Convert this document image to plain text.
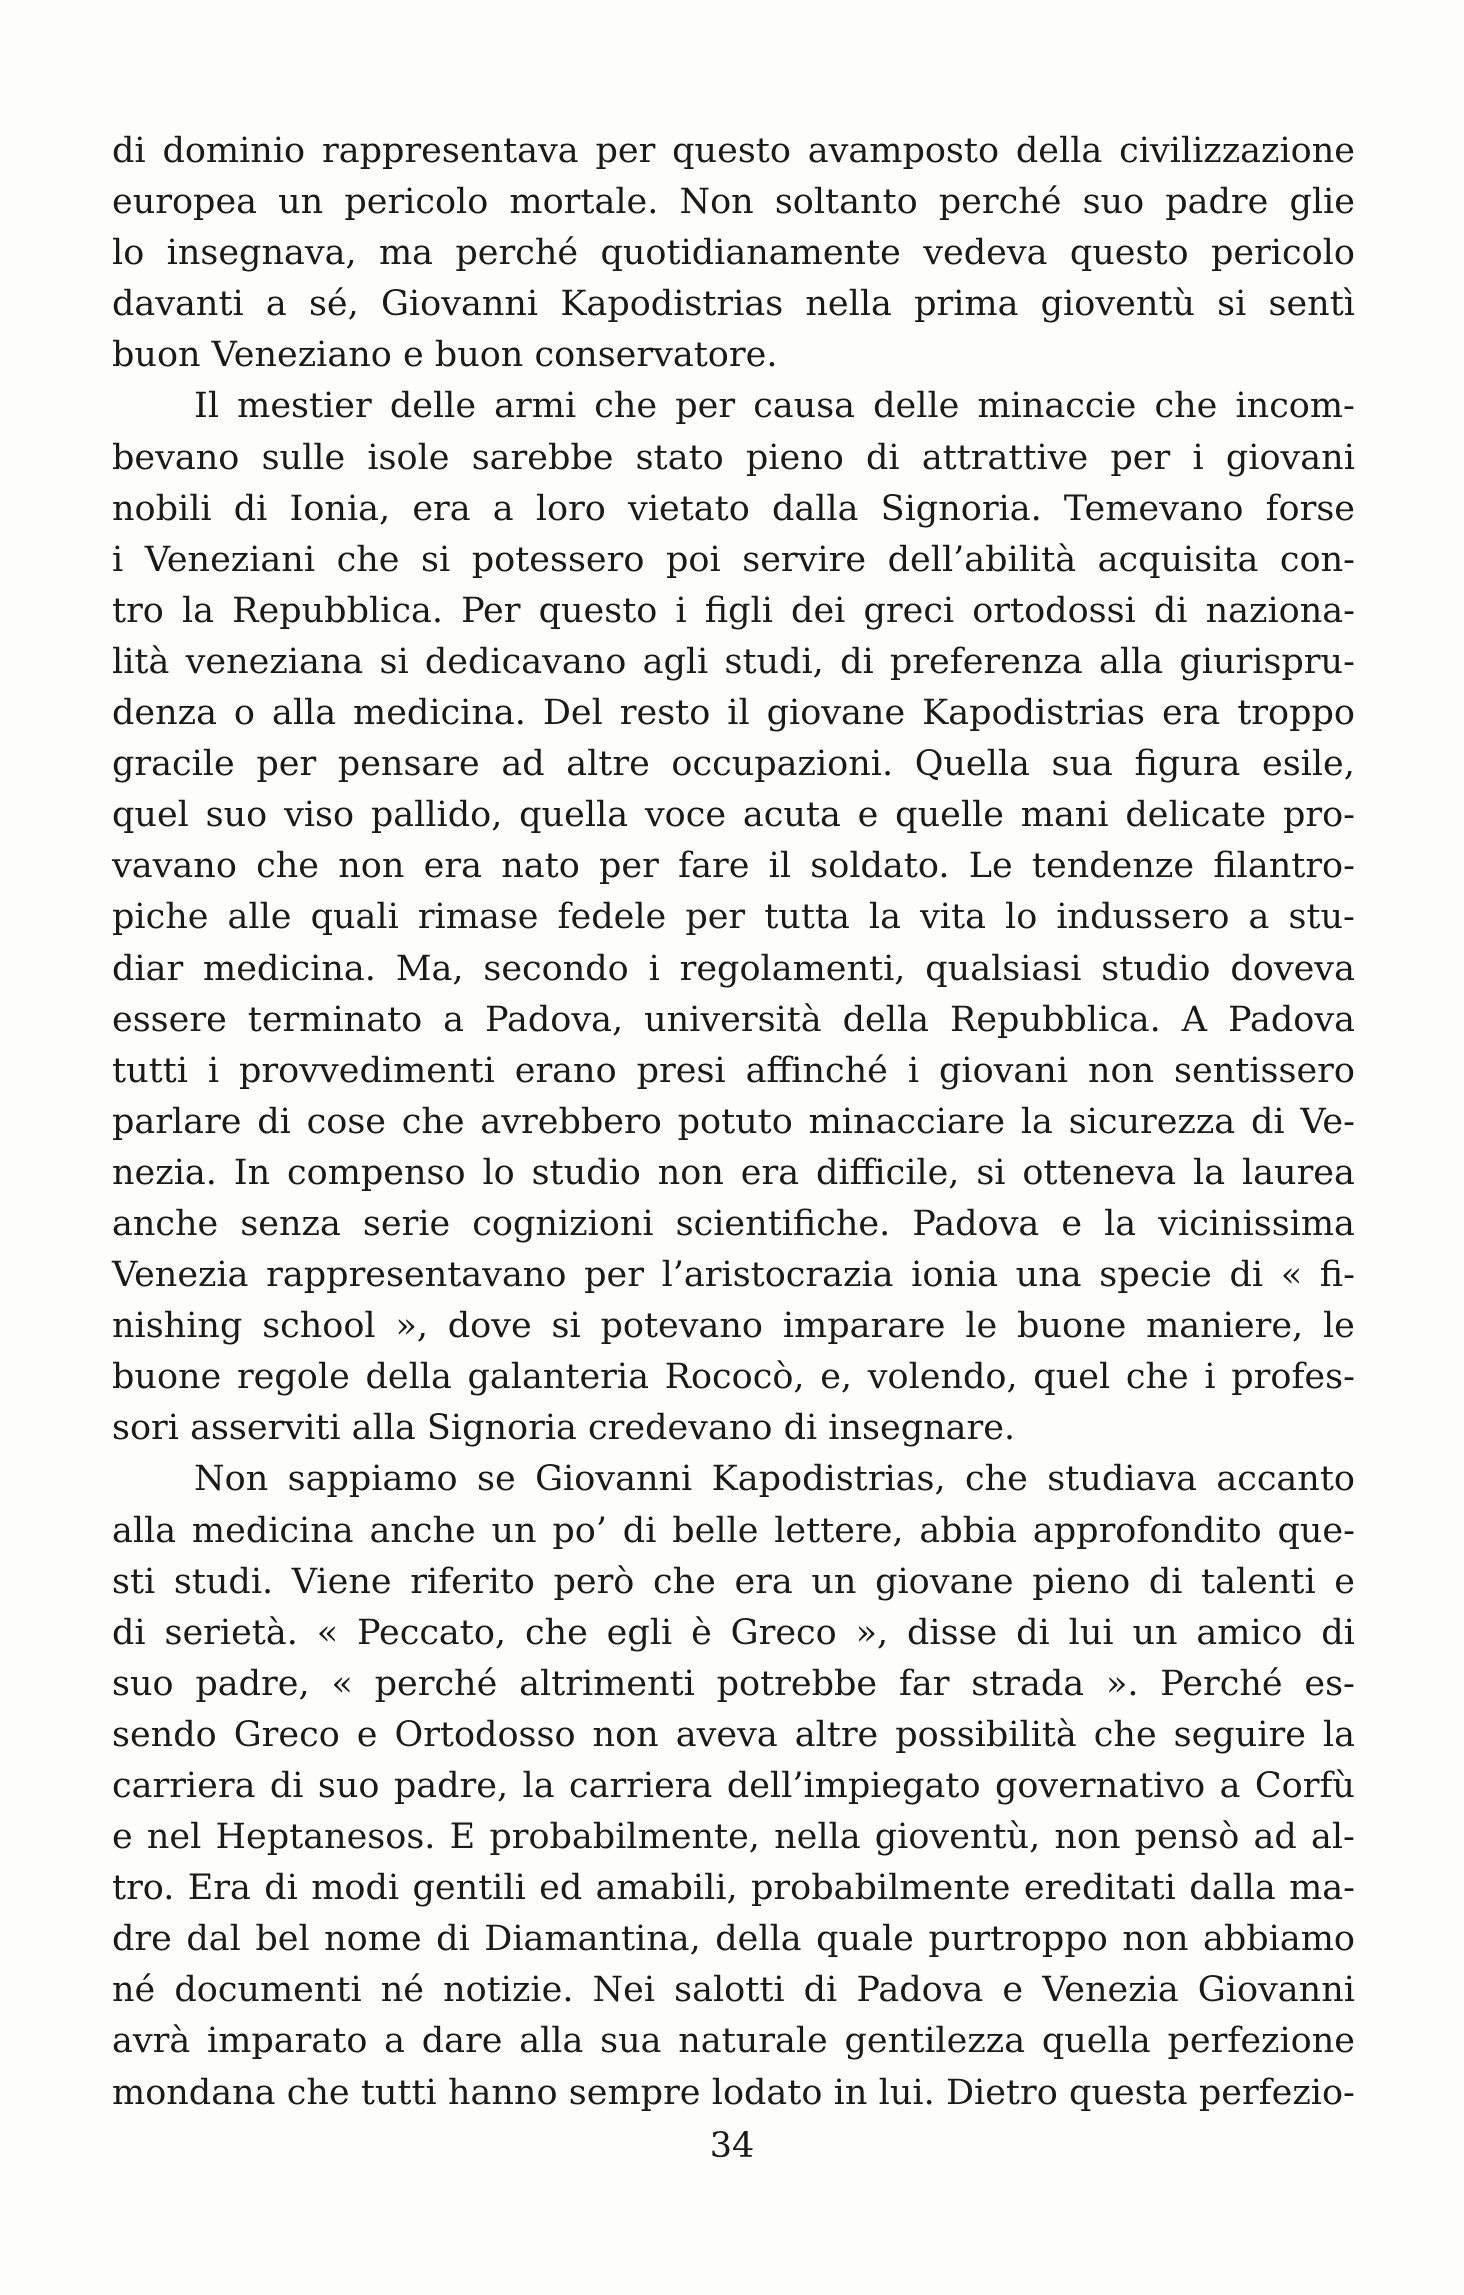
di dominio rappresentava per questo avamposto della civilizzazione
europea un pericolo mortale. Non soltanto perché suo padre glie
lo insegnava, ma perché quotidianamente vedeva questo pericolo
davanti a sé, Giovanni Kapodistrias nella prima gioventù si sentì
buon Veneziano e buon conservatore.
Il mestier delle armi che per causa delle minaccie che incom-
bevano sulle isole sarebbe stato pieno di attrattive per i giovani
nobili di Ionia, era a loro vietato dalla Signoria. Temevano forse
i Veneziani che si potessero poi servire dell’abilità acquisita con-
tro la Repubblica. Per questo i figli dei greci ortodossi di naziona-
lità veneziana si dedicavano agli studi, di preferenza alla giurispru-
denza o alla medicina. Del resto il giovane Kapodistrias era troppo
gracile per pensare ad altre occupazioni. Quella sua figura esile,
quel suo viso pallido, quella voce acuta e quelle mani delicate pro-
vavano che non era nato per fare il soldato. Le tendenze filantro-
piche alle quali rimase fedele per tutta la vita lo indussero a stu-
diar medicina. Ma, secondo i regolamenti, qualsiasi studio doveva
essere terminato a Padova, università della Repubblica. A Padova
tutti i provvedimenti erano presi affinché i giovani non sentissero
parlare di cose che avrebbero potuto minacciare la sicurezza di Ve-
nezia. In compenso lo studio non era difficile, si otteneva la laurea
anche senza serie cognizioni scientifiche. Padova e la vicinissima
Venezia rappresentavano per l’aristocrazia ionia una specie di « fi-
nishing school », dove si potevano imparare le buone maniere, le
buone regole della galanteria Rococò, e, volendo, quel che i profes-
sori asserviti alla Signoria credevano di insegnare.
Non sappiamo se Giovanni Kapodistrias, che studiava accanto
alla medicina anche un po’ di belle lettere, abbia approfondito que-
sti studi. Viene riferito però che era un giovane pieno di talenti e
di serietà. « Peccato, che egli è Greco », disse di lui un amico di
suo padre, « perché altrimenti potrebbe far strada ». Perché es-
sendo Greco e Ortodosso non aveva altre possibilità che seguire la
carriera di suo padre, la carriera dell’impiegato governativo a Corfù
e nel Heptanesos. E probabilmente, nella gioventù, non pensò ad al-
tro. Era di modi gentili ed amabili, probabilmente ereditati dalla ma-
dre dal bel nome di Diamantina, della quale purtroppo non abbiamo
né documenti né notizie. Nei salotti di Padova e Venezia Giovanni
avrà imparato a dare alla sua naturale gentilezza quella perfezione
mondana che tutti hanno sempre lodato in lui. Dietro questa perfezio-
34
